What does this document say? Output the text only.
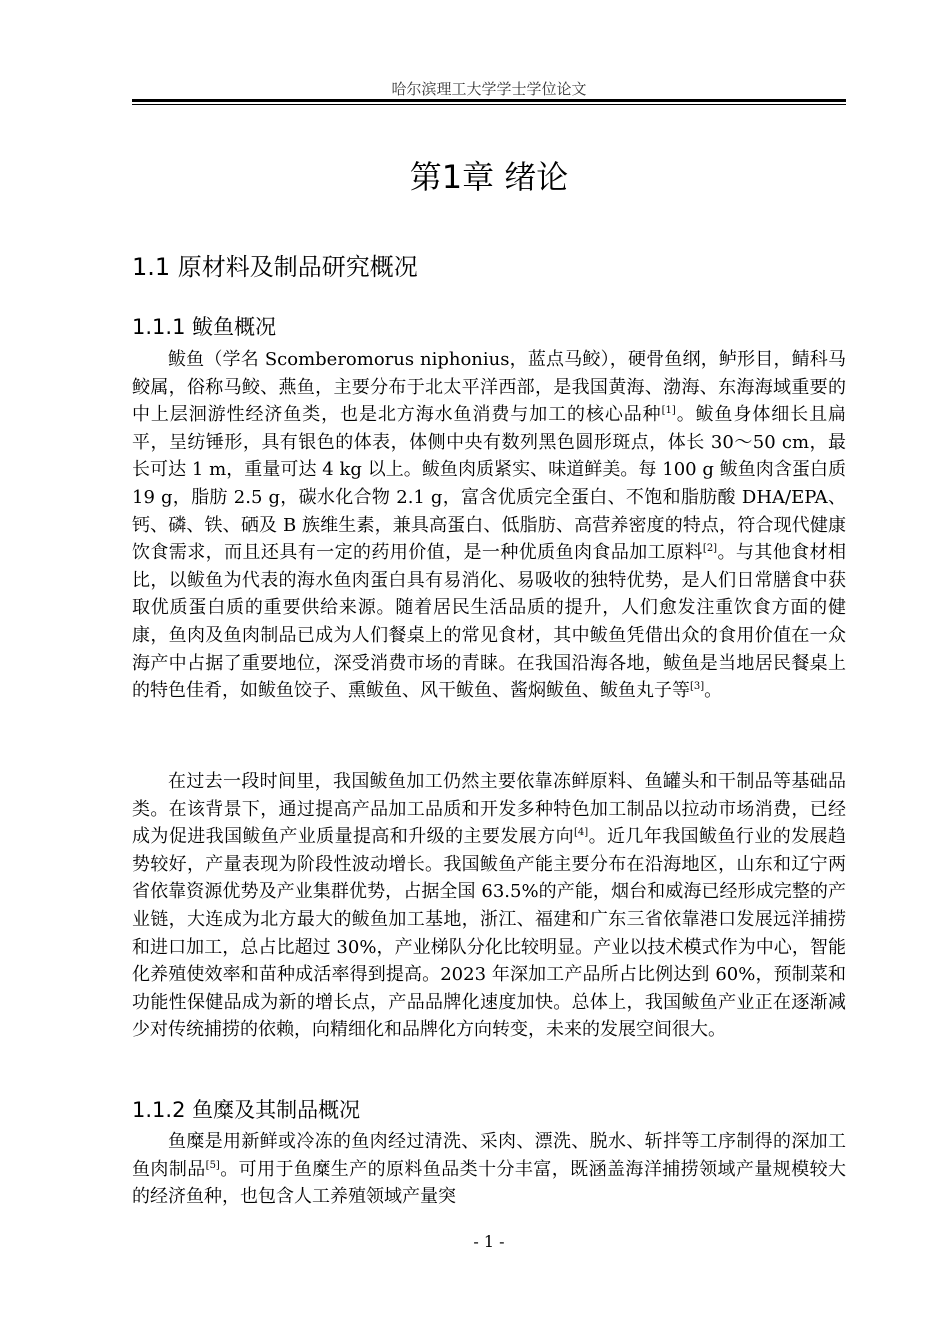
哈尔滨理工大学学士学位论文
第1章 绪论
1.1 原材料及制品研究概况
1.1.1 鲅鱼概况

鲅鱼（学名 Scomberomorus niphonius，蓝点马鲛），硬骨鱼纲，鲈形目，鲭科马鲛属，俗称马鲛、燕鱼，主要分布于北太平洋西部，是我国黄海、渤海、东海海域重要的中上层洄游性经济鱼类，也是北方海水鱼消费与加工的核心品种[1]。鲅鱼身体细长且扁平，呈纺锤形，具有银色的体表，体侧中央有数列黑色圆形斑点，体长 30～50 cm，最长可达 1 m，重量可达 4 kg 以上。鲅鱼肉质紧实、味道鲜美。每 100 g 鲅鱼肉含蛋白质 19 g，脂肪 2.5 g，碳水化合物 2.1 g，富含优质完全蛋白、不饱和脂肪酸 DHA/EPA、钙、磷、铁、硒及 B 族维生素，兼具高蛋白、低脂肪、高营养密度的特点，符合现代健康饮食需求，而且还具有一定的药用价值，是一种优质鱼肉食品加工原料[2]。与其他食材相比，以鲅鱼为代表的海水鱼肉蛋白具有易消化、易吸收的独特优势，是人们日常膳食中获取优质蛋白质的重要供给来源。随着居民生活品质的提升，人们愈发注重饮食方面的健康，鱼肉及鱼肉制品已成为人们餐桌上的常见食材，其中鲅鱼凭借出众的食用价值在一众海产中占据了重要地位，深受消费市场的青睐。在我国沿海各地，鲅鱼是当地居民餐桌上的特色佳肴，如鲅鱼饺子、熏鲅鱼、风干鲅鱼、酱焖鲅鱼、鲅鱼丸子等[3]。

在过去一段时间里，我国鲅鱼加工仍然主要依靠冻鲜原料、鱼罐头和干制品等基础品类。在该背景下，通过提高产品加工品质和开发多种特色加工制品以拉动市场消费，已经成为促进我国鲅鱼产业质量提高和升级的主要发展方向[4]。近几年我国鲅鱼行业的发展趋势较好，产量表现为阶段性波动增长。我国鲅鱼产能主要分布在沿海地区，山东和辽宁两省依靠资源优势及产业集群优势，占据全国 63.5%的产能，烟台和威海已经形成完整的产业链，大连成为北方最大的鲅鱼加工基地，浙江、福建和广东三省依靠港口发展远洋捕捞和进口加工，总占比超过 30%，产业梯队分化比较明显。产业以技术模式作为中心，智能化养殖使效率和苗种成活率得到提高。2023 年深加工产品所占比例达到 60%，预制菜和功能性保健品成为新的增长点，产品品牌化速度加快。总体上，我国鲅鱼产业正在逐渐减少对传统捕捞的依赖，向精细化和品牌化方向转变，未来的发展空间很大。

1.1.2 鱼糜及其制品概况

鱼糜是用新鲜或冷冻的鱼肉经过清洗、采肉、漂洗、脱水、斩拌等工序制得的深加工鱼肉制品[5]。可用于鱼糜生产的原料鱼品类十分丰富，既涵盖海洋捕捞领域产量规模较大的经济鱼种，也包含人工养殖领域产量突

- 1 -
